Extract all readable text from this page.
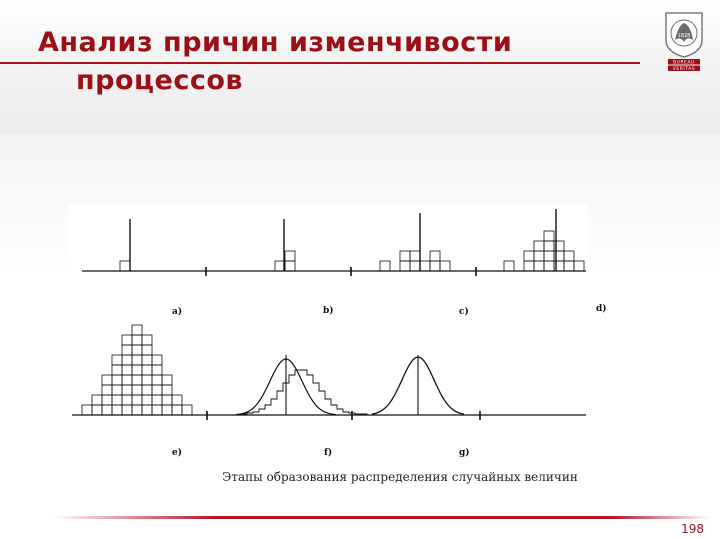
Анализ причин изменчивости
процессов
1828
BUREAU
VERITAS
a)	b)	c)	d)
e)	f)	g)
Этапы образования распределения случайных величин
198
